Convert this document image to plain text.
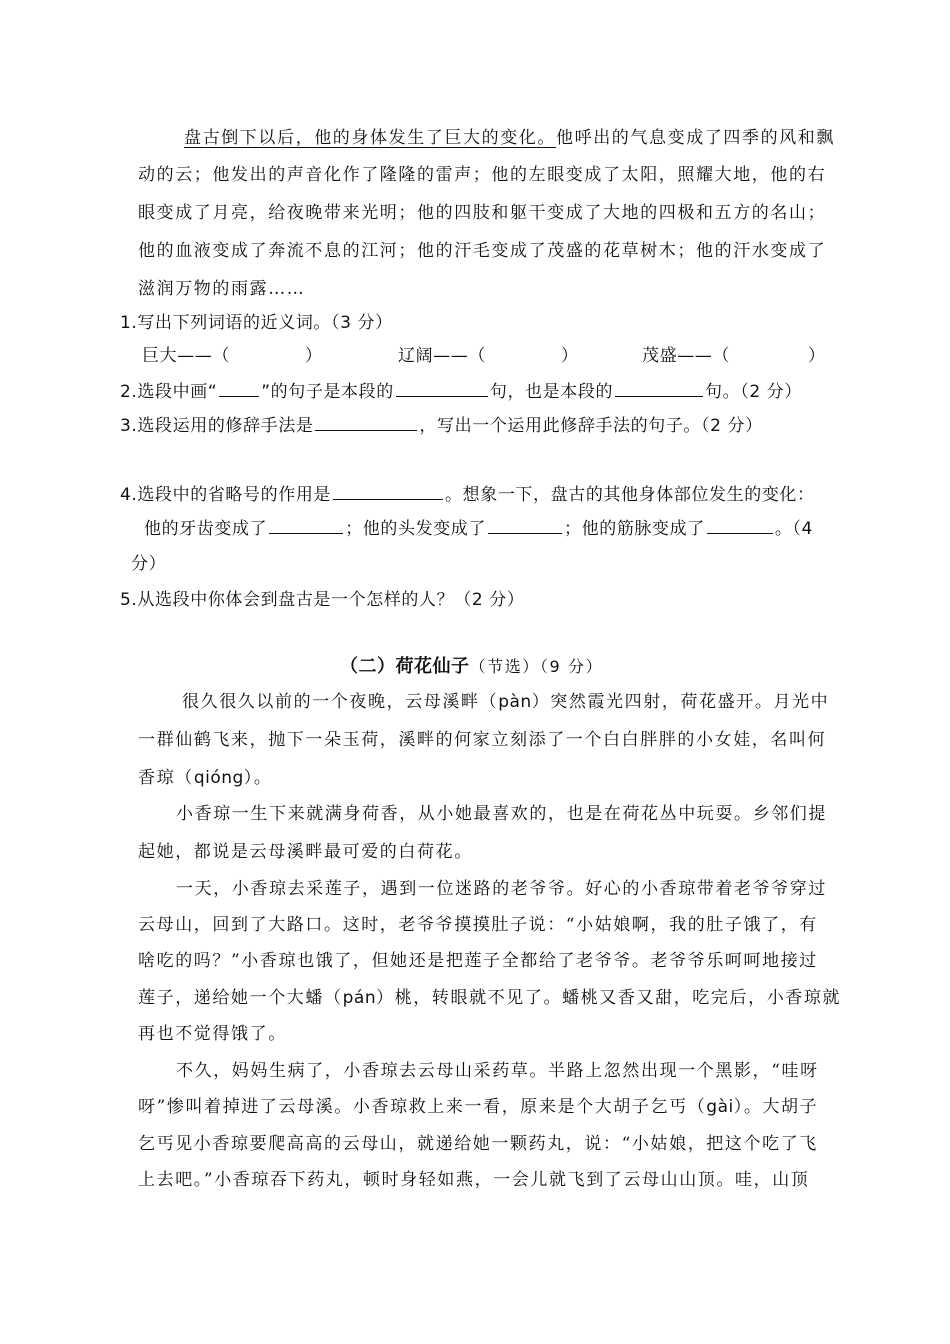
盘古倒下以后，他的身体发生了巨大的变化。他呼出的气息变成了四季的风和飘
动的云；他发出的声音化作了隆隆的雷声；他的左眼变成了太阳，照耀大地，他的右
眼变成了月亮，给夜晚带来光明；他的四肢和躯干变成了大地的四极和五方的名山；
他的血液变成了奔流不息的江河；他的汗毛变成了茂盛的花草树木；他的汗水变成了
滋润万物的雨露……
1.写出下列词语的近义词。（3 分）
巨大——（	）	辽阔——（	）	茂盛——（	）
2.选段中画“	”的句子是本段的	句，也是本段的	句。（2 分）
3.选段运用的修辞手法是	，写出一个运用此修辞手法的句子。（2 分）
4.选段中的省略号的作用是	。想象一下，盘古的其他身体部位发生的变化：
他的牙齿变成了	；他的头发变成了	；他的筋脉变成了	。（4
分）
5.从选段中你体会到盘古是一个怎样的人？（2 分）
（二）荷花仙子（节选）（9 分）
很久很久以前的一个夜晚，云母溪畔（pàn）突然霞光四射，荷花盛开。月光中
一群仙鹤飞来，抛下一朵玉荷，溪畔的何家立刻添了一个白白胖胖的小女娃，名叫何
香琼（qióng）。
小香琼一生下来就满身荷香，从小她最喜欢的，也是在荷花丛中玩耍。乡邻们提
起她，都说是云母溪畔最可爱的白荷花。
一天，小香琼去采莲子，遇到一位迷路的老爷爷。好心的小香琼带着老爷爷穿过
云母山，回到了大路口。这时，老爷爷摸摸肚子说：“小姑娘啊，我的肚子饿了，有
啥吃的吗？”小香琼也饿了，但她还是把莲子全都给了老爷爷。老爷爷乐呵呵地接过
莲子，递给她一个大蟠（pán）桃，转眼就不见了。蟠桃又香又甜，吃完后，小香琼就
再也不觉得饿了。
不久，妈妈生病了，小香琼去云母山采药草。半路上忽然出现一个黑影，“哇呀
呀”惨叫着掉进了云母溪。小香琼救上来一看，原来是个大胡子乞丐（gài）。大胡子
乞丐见小香琼要爬高高的云母山，就递给她一颗药丸，说：“小姑娘，把这个吃了飞
上去吧。”小香琼吞下药丸，顿时身轻如燕，一会儿就飞到了云母山山顶。哇，山顶
